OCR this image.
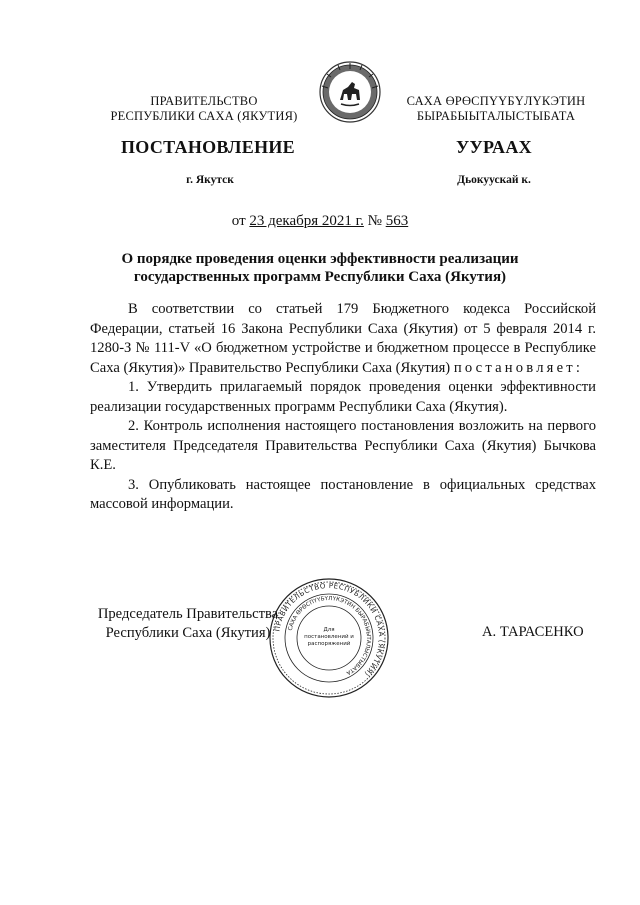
ПРАВИТЕЛЬСТВО
РЕСПУБЛИКИ САХА (ЯКУТИЯ)
САХА ӨРӨСПҮҮБҮЛҮКЭТИН
БЫРАБЫЫТАЛЫСТЫБАТА
ПОСТАНОВЛЕНИЕ	УУРААХ
г. Якутск	Дьокуускай к.
от 23 декабря 2021 г. № 563
О порядке проведения оценки эффективности реализации
государственных программ Республики Саха (Якутия)

В соответствии со статьей 179 Бюджетного кодекса Российской Федерации, статьей 16 Закона Республики Саха (Якутия) от 5 февраля 2014 г. 1280-З № 111-V «О бюджетном устройстве и бюджетном процессе в Республике Саха (Якутия)» Правительство Республики Саха (Якутия) постановляет:

1. Утвердить прилагаемый порядок проведения оценки эффективности реализации государственных программ Республики Саха (Якутия).

2. Контроль исполнения настоящего постановления возложить на первого заместителя Председателя Правительства Республики Саха (Якутия) Бычкова К.Е.

3. Опубликовать настоящее постановление в официальных средствах массовой информации.

Председатель Правительства
Республики Саха (Якутия) ПРАВИТЕЛЬСТВО РЕСПУБЛИКИ САХА (ЯКУТИЯ)
САХА ӨРӨСПҮҮБҮЛҮКЭТИН БЫРАБЫЫТАЛЫСТЫБАТА
Для
постановлений и
распоряжений
А. ТАРАСЕНКО
